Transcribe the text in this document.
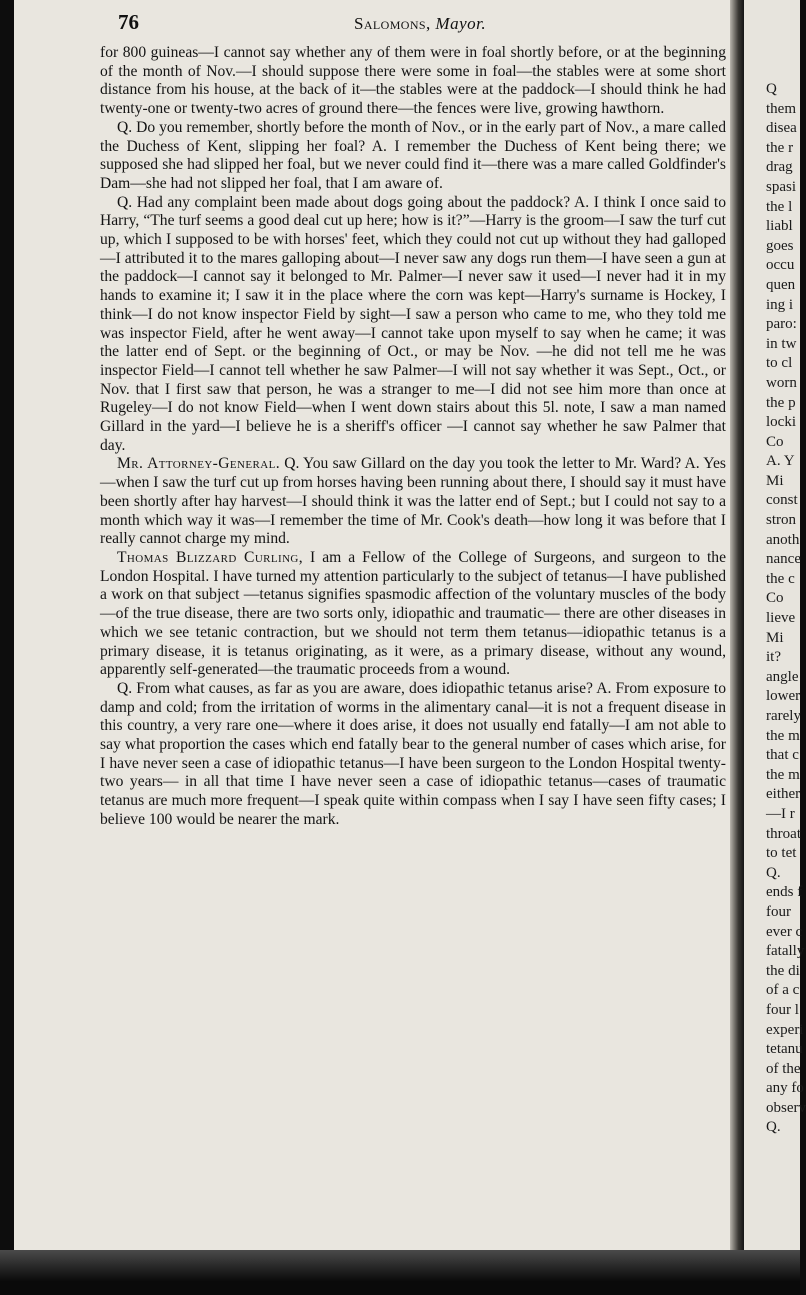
76	Salomons, Mayor.

for 800 guineas—I cannot say whether any of them were in foal shortly before, or at the beginning of the month of Nov.—I should suppose there were some in foal—the stables were at some short distance from his house, at the back of it—the stables were at the paddock—I should think he had twenty-one or twenty-two acres of ground there—the fences were live, growing hawthorn.

Q. Do you remember, shortly before the month of Nov., or in the early part of Nov., a mare called the Duchess of Kent, slipping her foal? A. I remember the Duchess of Kent being there; we supposed she had slipped her foal, but we never could find it—there was a mare called Goldfinder's Dam—she had not slipped her foal, that I am aware of.

Q. Had any complaint been made about dogs going about the paddock? A. I think I once said to Harry, “The turf seems a good deal cut up here; how is it?”—Harry is the groom—I saw the turf cut up, which I supposed to be with horses' feet, which they could not cut up without they had galloped—I attributed it to the mares galloping about—I never saw any dogs run them—I have seen a gun at the paddock—I cannot say it belonged to Mr. Palmer—I never saw it used—I never had it in my hands to examine it; I saw it in the place where the corn was kept—Harry's surname is Hockey, I think—I do not know inspector Field by sight—I saw a person who came to me, who they told me was inspector Field, after he went away—I cannot take upon myself to say when he came; it was the latter end of Sept. or the beginning of Oct., or may be Nov. —he did not tell me he was inspector Field—I cannot tell whether he saw Palmer—I will not say whether it was Sept., Oct., or Nov. that I first saw that person, he was a stranger to me—I did not see him more than once at Rugeley—I do not know Field—when I went down stairs about this 5l. note, I saw a man named Gillard in the yard—I believe he is a sheriff's officer —I cannot say whether he saw Palmer that day.

Mr. Attorney-General. Q. You saw Gillard on the day you took the letter to Mr. Ward? A. Yes—when I saw the turf cut up from horses having been running about there, I should say it must have been shortly after hay harvest—I should think it was the latter end of Sept.; but I could not say to a month which way it was—I remember the time of Mr. Cook's death—how long it was before that I really cannot charge my mind.

Thomas Blizzard Curling, I am a Fellow of the College of Surgeons, and surgeon to the London Hospital. I have turned my attention particularly to the subject of tetanus—I have published a work on that subject —tetanus signifies spasmodic affection of the voluntary muscles of the body —of the true disease, there are two sorts only, idiopathic and traumatic— there are other diseases in which we see tetanic contraction, but we should not term them tetanus—idiopathic tetanus is a primary disease, it is tetanus originating, as it were, as a primary disease, without any wound, apparently self-generated—the traumatic proceeds from a wound.

Q. From what causes, as far as you are aware, does idiopathic tetanus arise? A. From exposure to damp and cold; from the irritation of worms in the alimentary canal—it is not a frequent disease in this country, a very rare one—where it does arise, it does not usually end fatally—I am not able to say what proportion the cases which end fatally bear to the general number of cases which arise, for I have never seen a case of idiopathic tetanus—I have been surgeon to the London Hospital twenty-two years— in all that time I have never seen a case of idiopathic tetanus—cases of traumatic tetanus are much more frequent—I speak quite within compass when I say I have seen fifty cases; I believe 100 would be nearer the mark.

Q
them
disea
the r
drag
spasi
the l
liabl
goes
occu
quen
ing i
paro:
in tw
to cl
worn
the p
locki
Co
A. Y
Mi
const
stron
anoth
nance
the c
Co
lieve
Mi
it?
angle
lower
rarely
the m
that c
the m
either
—I r
throat
to tet
Q.
ends f
four
ever c
fatally
the di
of a c
four l
experi
tetanu
of the
any fo
observ
Q.
